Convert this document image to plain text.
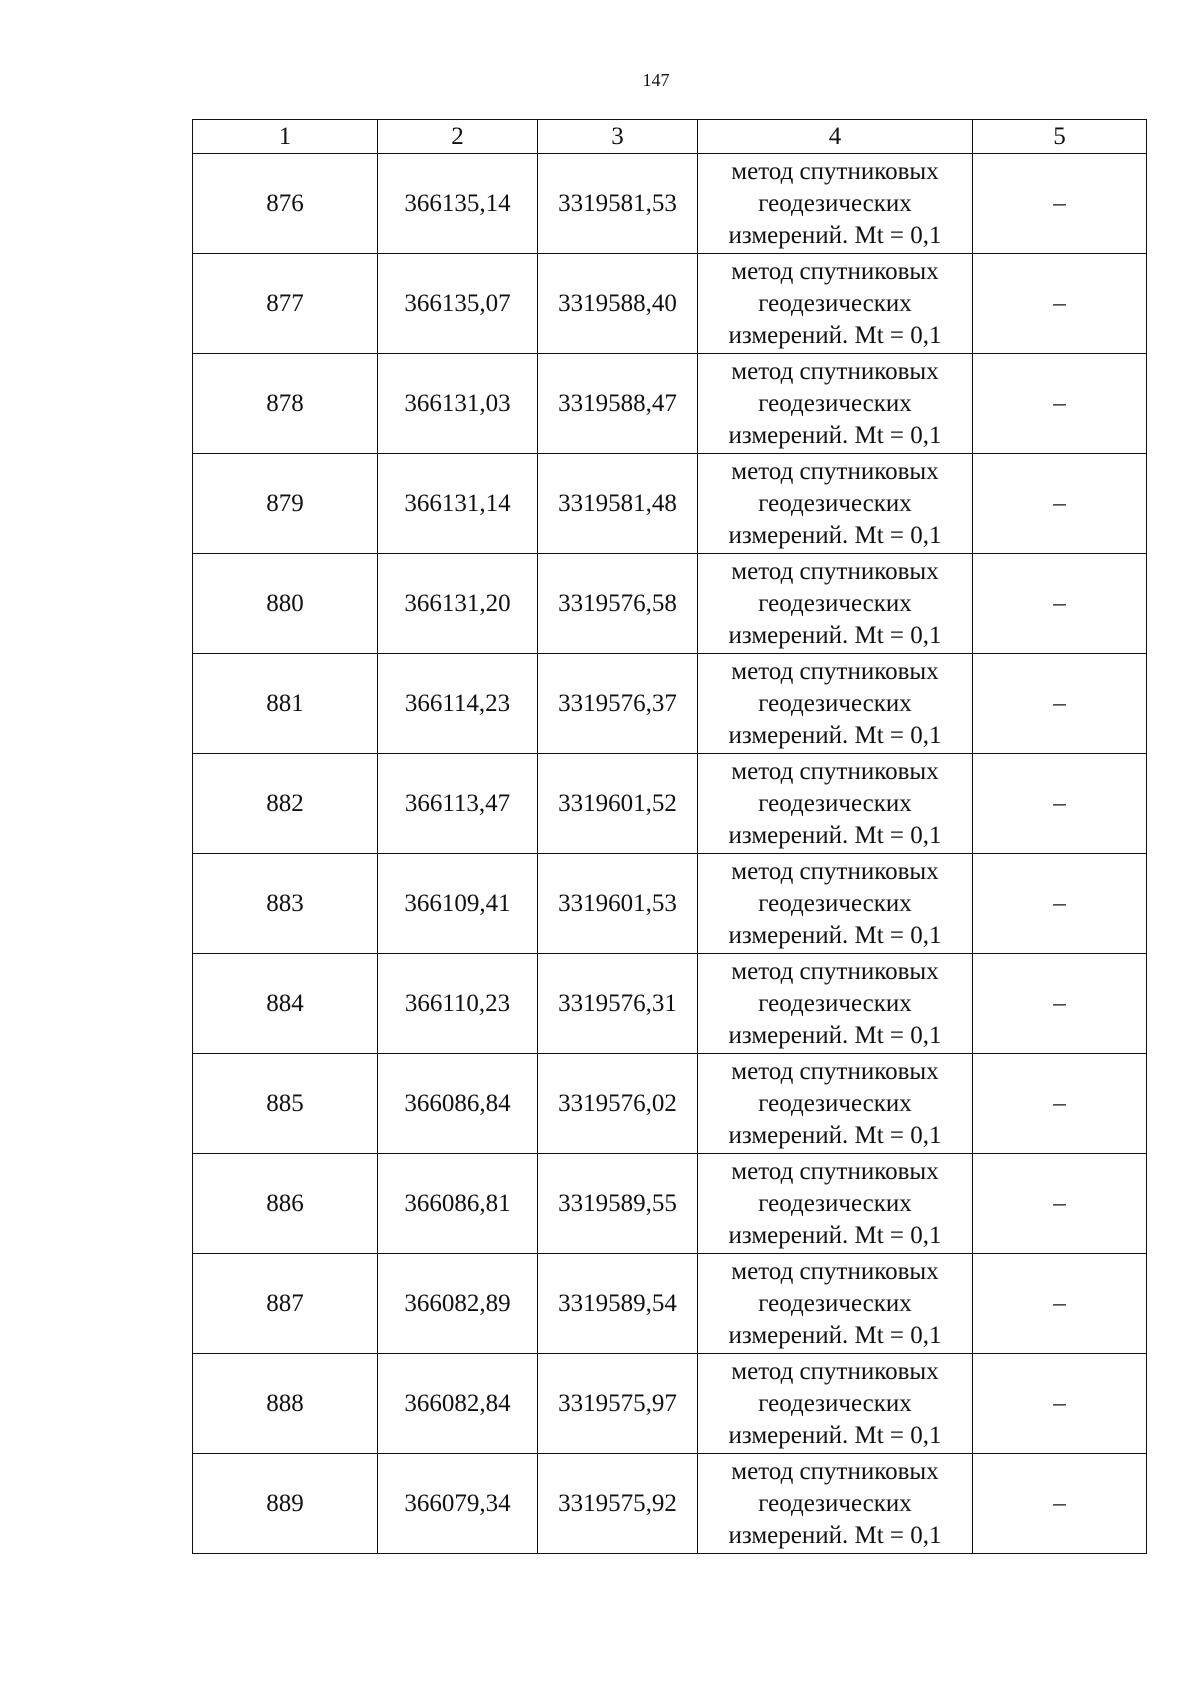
147
1	2	3	4	5
876	366135,14	3319581,53	метод спутниковых
геодезических
измерений. Mt = 0,1	–
877	366135,07	3319588,40	метод спутниковых
геодезических
измерений. Mt = 0,1	–
878	366131,03	3319588,47	метод спутниковых
геодезических
измерений. Mt = 0,1	–
879	366131,14	3319581,48	метод спутниковых
геодезических
измерений. Mt = 0,1	–
880	366131,20	3319576,58	метод спутниковых
геодезических
измерений. Mt = 0,1	–
881	366114,23	3319576,37	метод спутниковых
геодезических
измерений. Mt = 0,1	–
882	366113,47	3319601,52	метод спутниковых
геодезических
измерений. Mt = 0,1	–
883	366109,41	3319601,53	метод спутниковых
геодезических
измерений. Mt = 0,1	–
884	366110,23	3319576,31	метод спутниковых
геодезических
измерений. Mt = 0,1	–
885	366086,84	3319576,02	метод спутниковых
геодезических
измерений. Mt = 0,1	–
886	366086,81	3319589,55	метод спутниковых
геодезических
измерений. Mt = 0,1	–
887	366082,89	3319589,54	метод спутниковых
геодезических
измерений. Mt = 0,1	–
888	366082,84	3319575,97	метод спутниковых
геодезических
измерений. Mt = 0,1	–
889	366079,34	3319575,92	метод спутниковых
геодезических
измерений. Mt = 0,1	–
